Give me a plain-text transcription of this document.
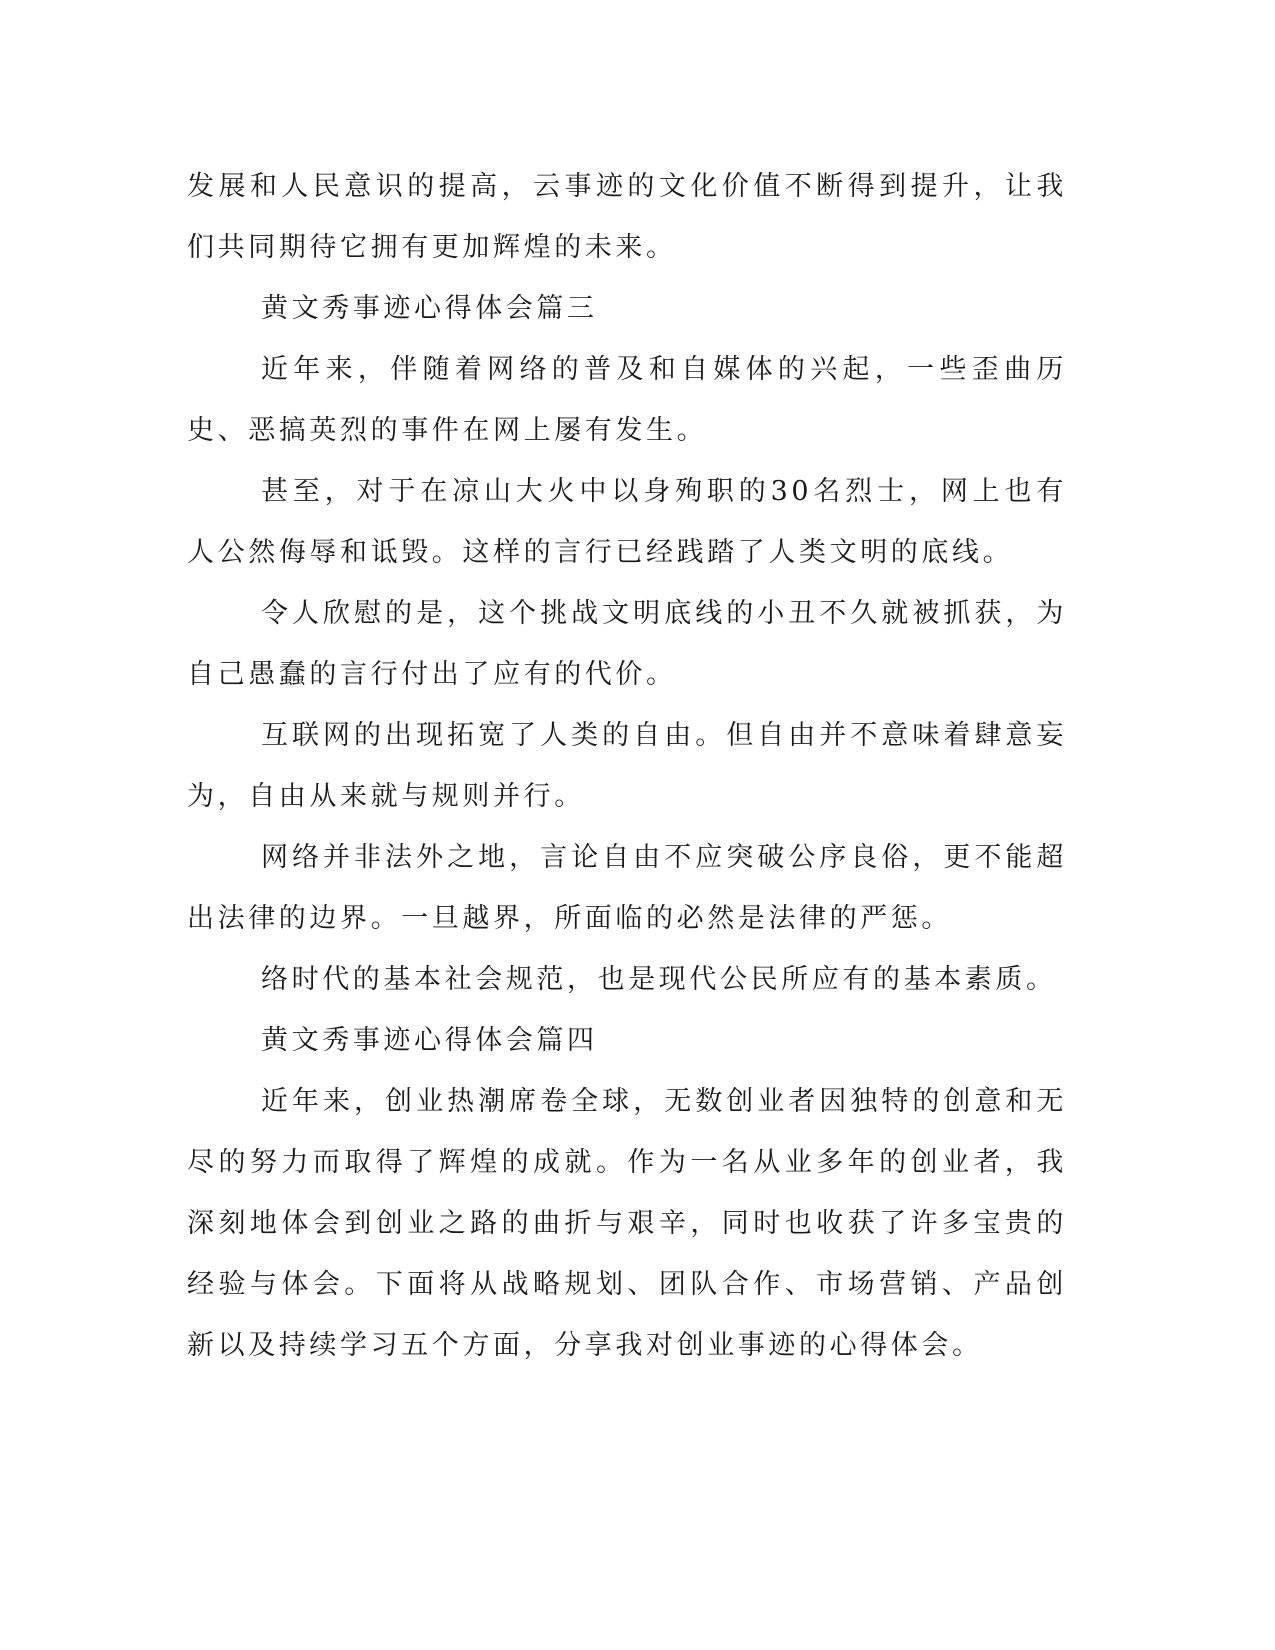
发展和人民意识的提高，云事迹的文化价值不断得到提升，让我们共同期待它拥有更加辉煌的未来。

黄文秀事迹心得体会篇三

近年来，伴随着网络的普及和自媒体的兴起，一些歪曲历史、恶搞英烈的事件在网上屡有发生。

甚至，对于在凉山大火中以身殉职的30名烈士，网上也有人公然侮辱和诋毁。这样的言行已经践踏了人类文明的底线。

令人欣慰的是，这个挑战文明底线的小丑不久就被抓获，为自己愚蠢的言行付出了应有的代价。

互联网的出现拓宽了人类的自由。但自由并不意味着肆意妄为，自由从来就与规则并行。

网络并非法外之地，言论自由不应突破公序良俗，更不能超出法律的边界。一旦越界，所面临的必然是法律的严惩。

络时代的基本社会规范，也是现代公民所应有的基本素质。

黄文秀事迹心得体会篇四

近年来，创业热潮席卷全球，无数创业者因独特的创意和无尽的努力而取得了辉煌的成就。作为一名从业多年的创业者，我深刻地体会到创业之路的曲折与艰辛，同时也收获了许多宝贵的经验与体会。下面将从战略规划、团队合作、市场营销、产品创新以及持续学习五个方面，分享我对创业事迹的心得体会。
